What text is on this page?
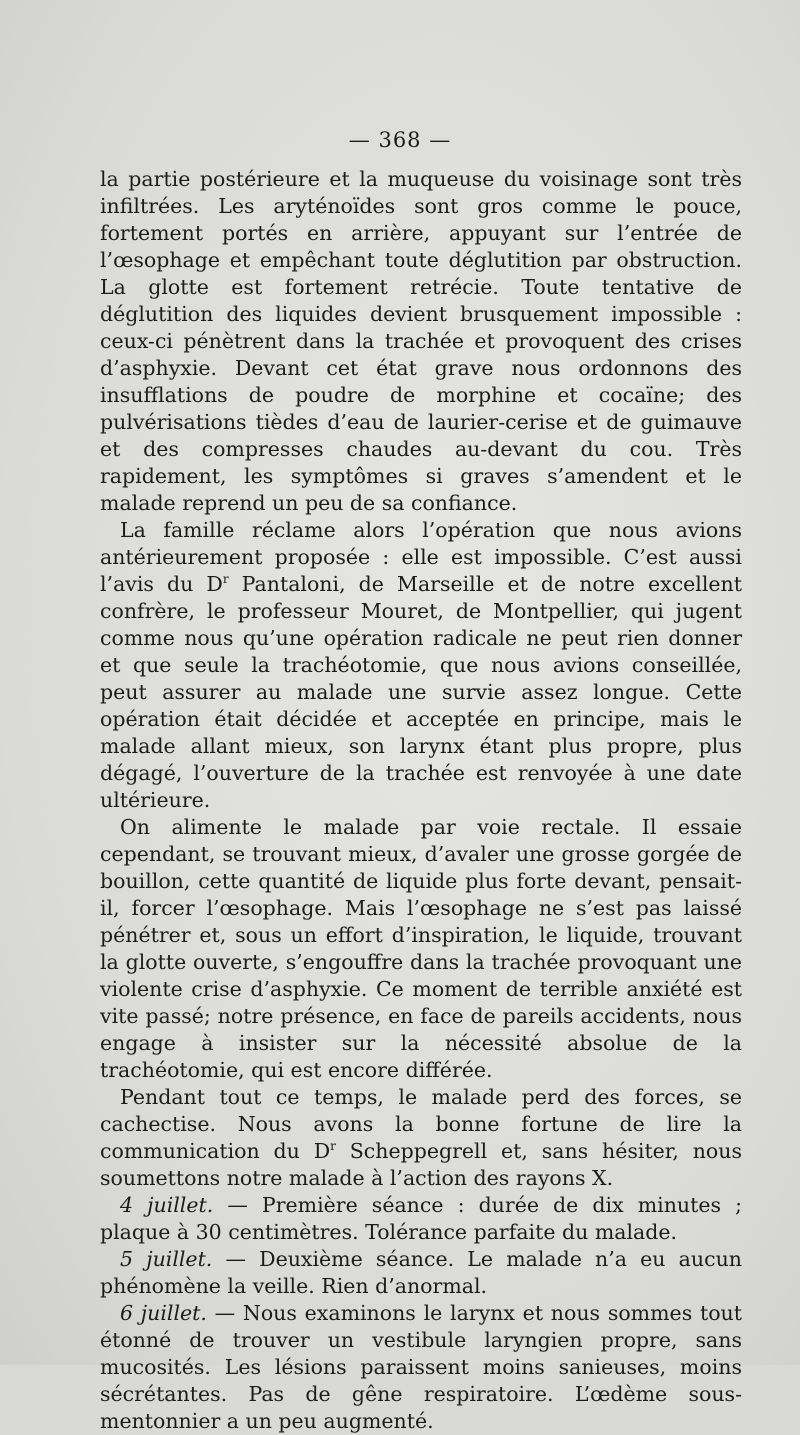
— 368 —

la partie postérieure et la muqueuse du voisinage sont très infiltrées. Les aryténoïdes sont gros comme le pouce, fortement portés en arrière, appuyant sur l’entrée de l’œsophage et empêchant toute déglutition par obstruction. La glotte est fortement retrécie. Toute tentative de déglutition des liquides devient brusquement impossible : ceux-ci pénètrent dans la trachée et provoquent des crises d’asphyxie. Devant cet état grave nous ordonnons des insufflations de poudre de morphine et cocaïne; des pulvérisations tièdes d’eau de laurier-cerise et de guimauve et des compresses chaudes au-devant du cou. Très rapidement, les symptômes si graves s’amendent et le malade reprend un peu de sa confiance.

La famille réclame alors l’opération que nous avions antérieurement proposée : elle est impossible. C’est aussi l’avis du $D^r$ Pantaloni, de Marseille et de notre excellent confrère, le professeur Mouret, de Montpellier, qui jugent comme nous qu’une opération radicale ne peut rien donner et que seule la trachéotomie, que nous avions conseillée, peut assurer au malade une survie assez longue. Cette opération était décidée et acceptée en principe, mais le malade allant mieux, son larynx étant plus propre, plus dégagé, l’ouverture de la trachée est renvoyée à une date ultérieure.

On alimente le malade par voie rectale. Il essaie cependant, se trouvant mieux, d’avaler une grosse gorgée de bouillon, cette quantité de liquide plus forte devant, pensait-il, forcer l’œsophage. Mais l’œsophage ne s’est pas laissé pénétrer et, sous un effort d’inspiration, le liquide, trouvant la glotte ouverte, s’engouffre dans la trachée provoquant une violente crise d’asphyxie. Ce moment de terrible anxiété est vite passé; notre présence, en face de pareils accidents, nous engage à insister sur la nécessité absolue de la trachéotomie, qui est encore différée.

Pendant tout ce temps, le malade perd des forces, se cachectise. Nous avons la bonne fortune de lire la communication du $D^r$ Scheppegrell et, sans hésiter, nous soumettons notre malade à l’action des rayons X.

4 juillet. — Première séance : durée de dix minutes ; plaque à 30 centimètres. Tolérance parfaite du malade.

5 juillet. — Deuxième séance. Le malade n’a eu aucun phénomène la veille. Rien d’anormal.

6 juillet. — Nous examinons le larynx et nous sommes tout étonné de trouver un vestibule laryngien propre, sans mucosités. Les lésions paraissent moins sanieuses, moins sécrétantes. Pas de gêne respiratoire. L’œdème sous-mentonnier a un peu augmenté.
